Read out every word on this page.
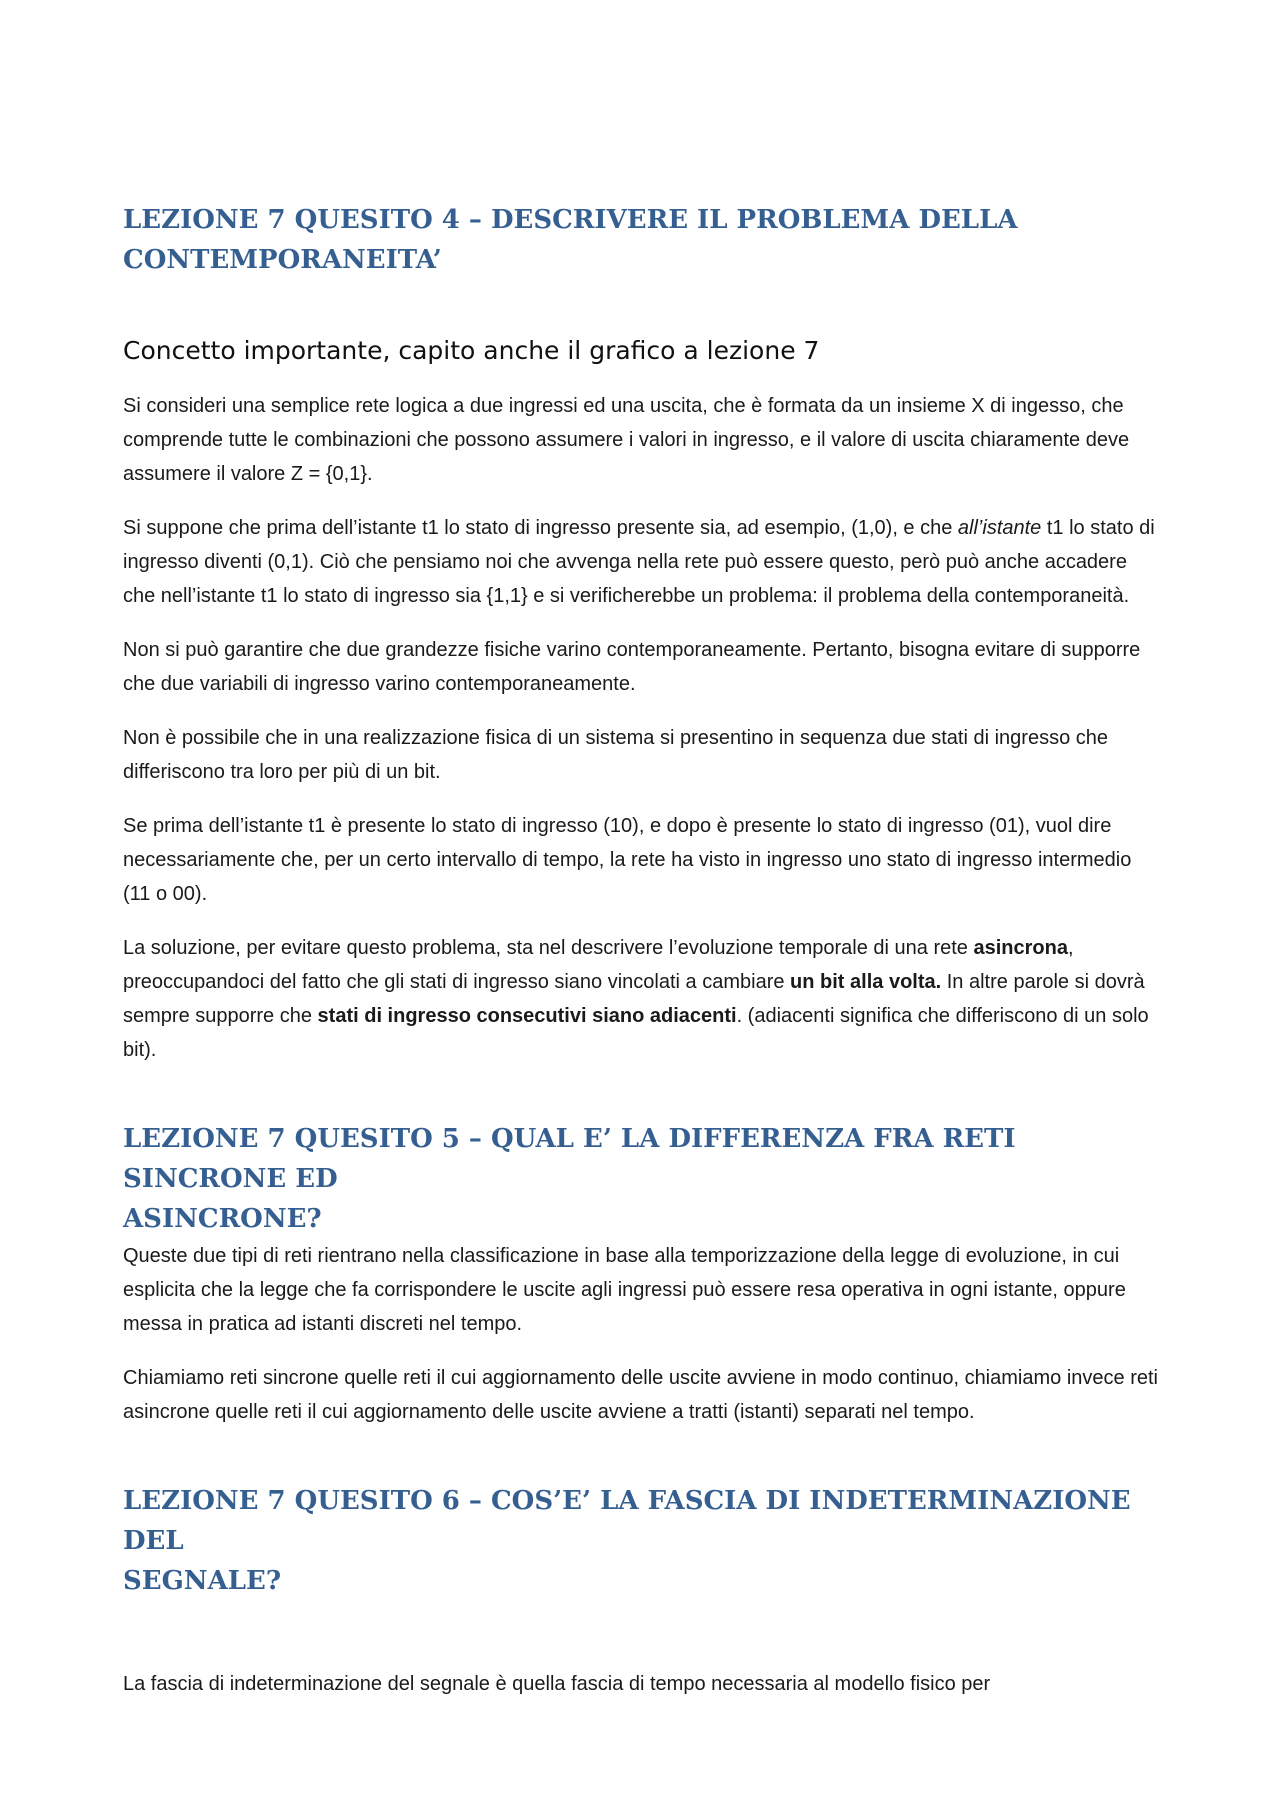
LEZIONE 7 QUESITO 4 – DESCRIVERE IL PROBLEMA DELLA
CONTEMPORANEITA’
Concetto importante, capito anche il grafico a lezione 7

Si consideri una semplice rete logica a due ingressi ed una uscita, che è formata da un insieme X di ingesso, che comprende tutte le combinazioni che possono assumere i valori in ingresso, e il valore di uscita chiaramente deve assumere il valore Z = {0,1}.

Si suppone che prima dell’istante t1 lo stato di ingresso presente sia, ad esempio, (1,0), e che all’istante t1 lo stato di ingresso diventi (0,1). Ciò che pensiamo noi che avvenga nella rete può essere questo, però può anche accadere che nell’istante t1 lo stato di ingresso sia {1,1} e si verificherebbe un problema: il problema della contemporaneità.

Non si può garantire che due grandezze fisiche varino contemporaneamente. Pertanto, bisogna evitare di supporre che due variabili di ingresso varino contemporaneamente.

Non è possibile che in una realizzazione fisica di un sistema si presentino in sequenza due stati di ingresso che differiscono tra loro per più di un bit.

Se prima dell’istante t1 è presente lo stato di ingresso (10), e dopo è presente lo stato di ingresso (01), vuol dire necessariamente che, per un certo intervallo di tempo, la rete ha visto in ingresso uno stato di ingresso intermedio (11 o 00).

La soluzione, per evitare questo problema, sta nel descrivere l’evoluzione temporale di una rete asincrona, preoccupandoci del fatto che gli stati di ingresso siano vincolati a cambiare un bit alla volta. In altre parole si dovrà sempre supporre che stati di ingresso consecutivi siano adiacenti. (adiacenti significa che differiscono di un solo bit).

LEZIONE 7 QUESITO 5 – QUAL E’ LA DIFFERENZA FRA RETI SINCRONE ED
ASINCRONE?

Queste due tipi di reti rientrano nella classificazione in base alla temporizzazione della legge di evoluzione, in cui esplicita che la legge che fa corrispondere le uscite agli ingressi può essere resa operativa in ogni istante, oppure messa in pratica ad istanti discreti nel tempo.

Chiamiamo reti sincrone quelle reti il cui aggiornamento delle uscite avviene in modo continuo, chiamiamo invece reti asincrone quelle reti il cui aggiornamento delle uscite avviene a tratti (istanti) separati nel tempo.

LEZIONE 7 QUESITO 6 – COS’E’ LA FASCIA DI INDETERMINAZIONE DEL
SEGNALE?

La fascia di indeterminazione del segnale è quella fascia di tempo necessaria al modello fisico per
